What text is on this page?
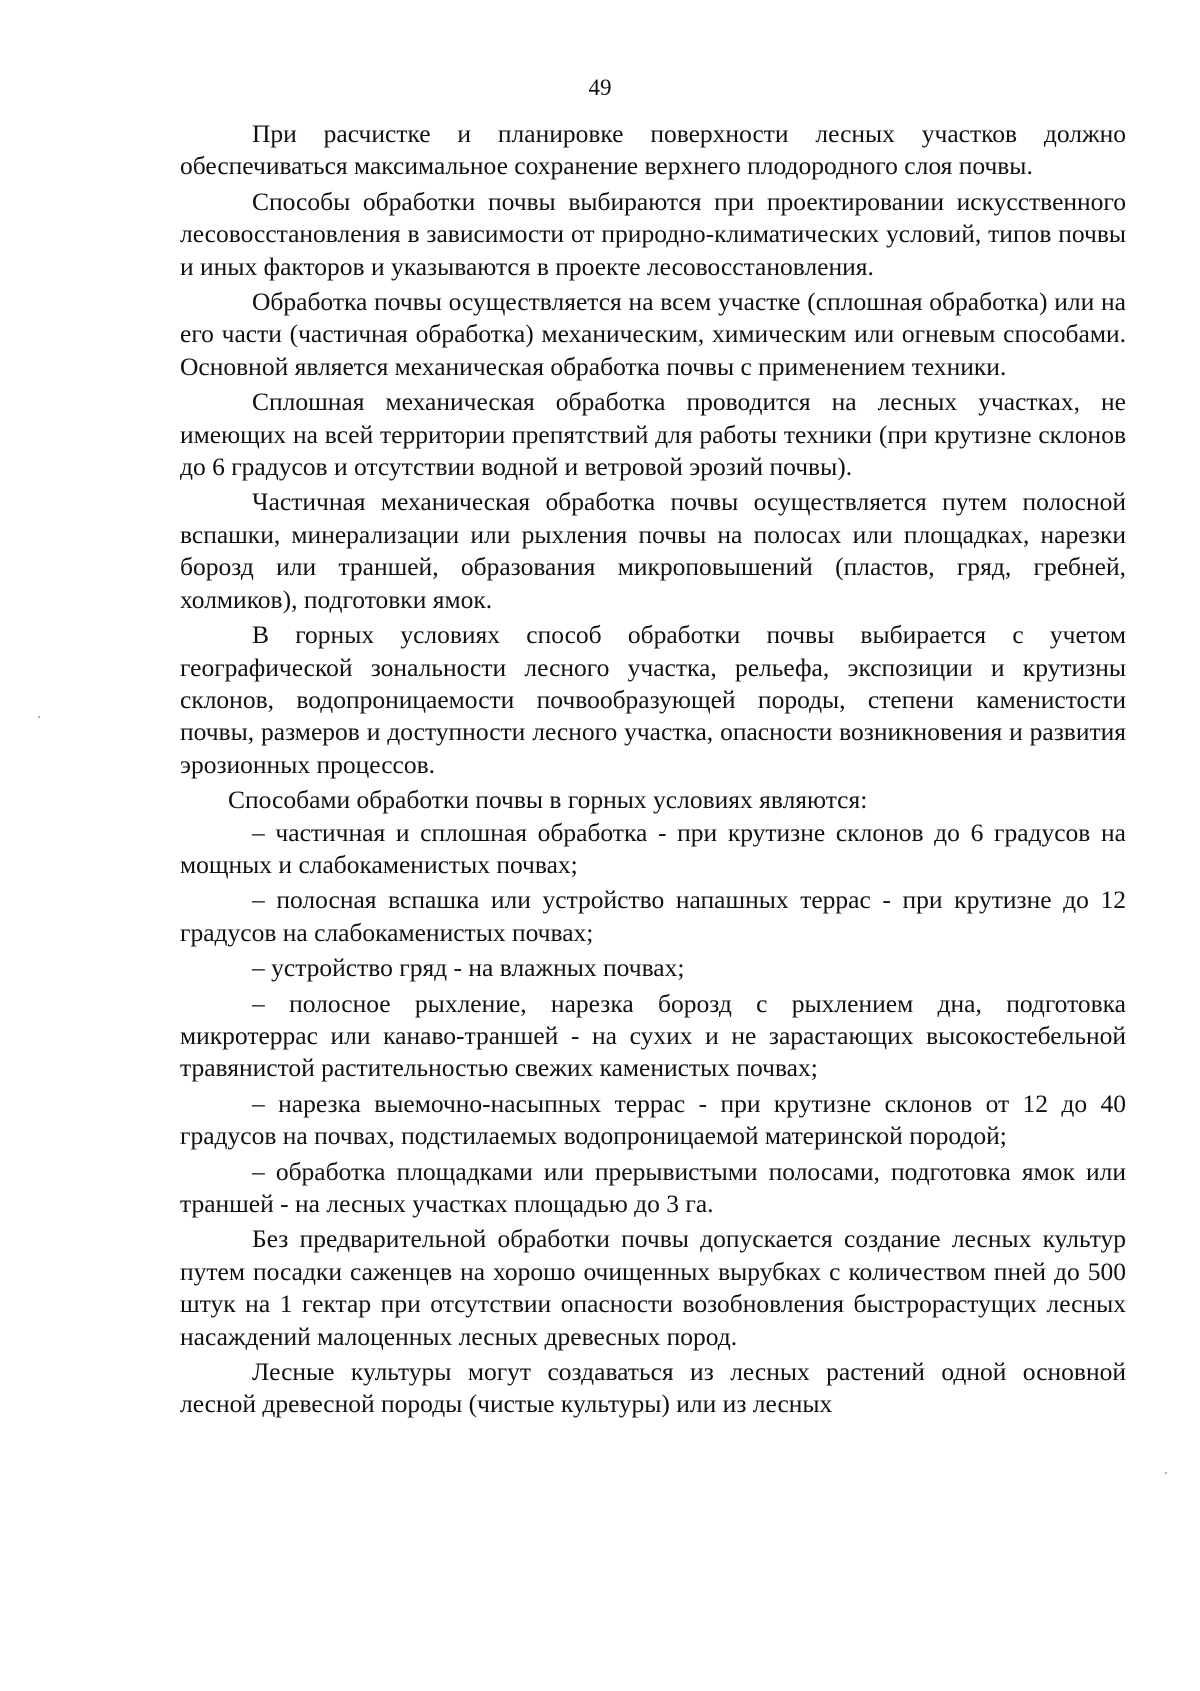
49

При расчистке и планировке поверхности лесных участков должно обеспечиваться максимальное сохранение верхнего плодородного слоя почвы.

Способы обработки почвы выбираются при проектировании искусственного лесовосстановления в зависимости от природно-климатических условий, типов почвы и иных факторов и указываются в проекте лесовосстановления.

Обработка почвы осуществляется на всем участке (сплошная обработка) или на его части (частичная обработка) механическим, химическим или огневым способами. Основной является механическая обработка почвы с применением техники.

Сплошная механическая обработка проводится на лесных участках, не имеющих на всей территории препятствий для работы техники (при крутизне склонов до 6 градусов и отсутствии водной и ветровой эрозий почвы).

Частичная механическая обработка почвы осуществляется путем полосной вспашки, минерализации или рыхления почвы на полосах или площадках, нарезки борозд или траншей, образования микроповышений (пластов, гряд, гребней, холмиков), подготовки ямок.

В горных условиях способ обработки почвы выбирается с учетом географической зональности лесного участка, рельефа, экспозиции и крутизны склонов, водопроницаемости почвообразующей породы, степени каменистости почвы, размеров и доступности лесного участка, опасности возникновения и развития эрозионных процессов.

Способами обработки почвы в горных условиях являются:

– частичная и сплошная обработка - при крутизне склонов до 6 градусов на мощных и слабокаменистых почвах;

– полосная вспашка или устройство напашных террас - при крутизне до 12 градусов на слабокаменистых почвах;

– устройство гряд - на влажных почвах;

– полосное рыхление, нарезка борозд с рыхлением дна, подготовка микротеррас или канаво-траншей - на сухих и не зарастающих высокостебельной травянистой растительностью свежих каменистых почвах;

– нарезка выемочно-насыпных террас - при крутизне склонов от 12 до 40 градусов на почвах, подстилаемых водопроницаемой материнской породой;

– обработка площадками или прерывистыми полосами, подготовка ямок или траншей - на лесных участках площадью до 3 га.

Без предварительной обработки почвы допускается создание лесных культур путем посадки саженцев на хорошо очищенных вырубках с количеством пней до 500 штук на 1 гектар при отсутствии опасности возобновления быстрорастущих лесных насаждений малоценных лесных древесных пород.

Лесные культуры могут создаваться из лесных растений одной основной лесной древесной породы (чистые культуры) или из лесных
